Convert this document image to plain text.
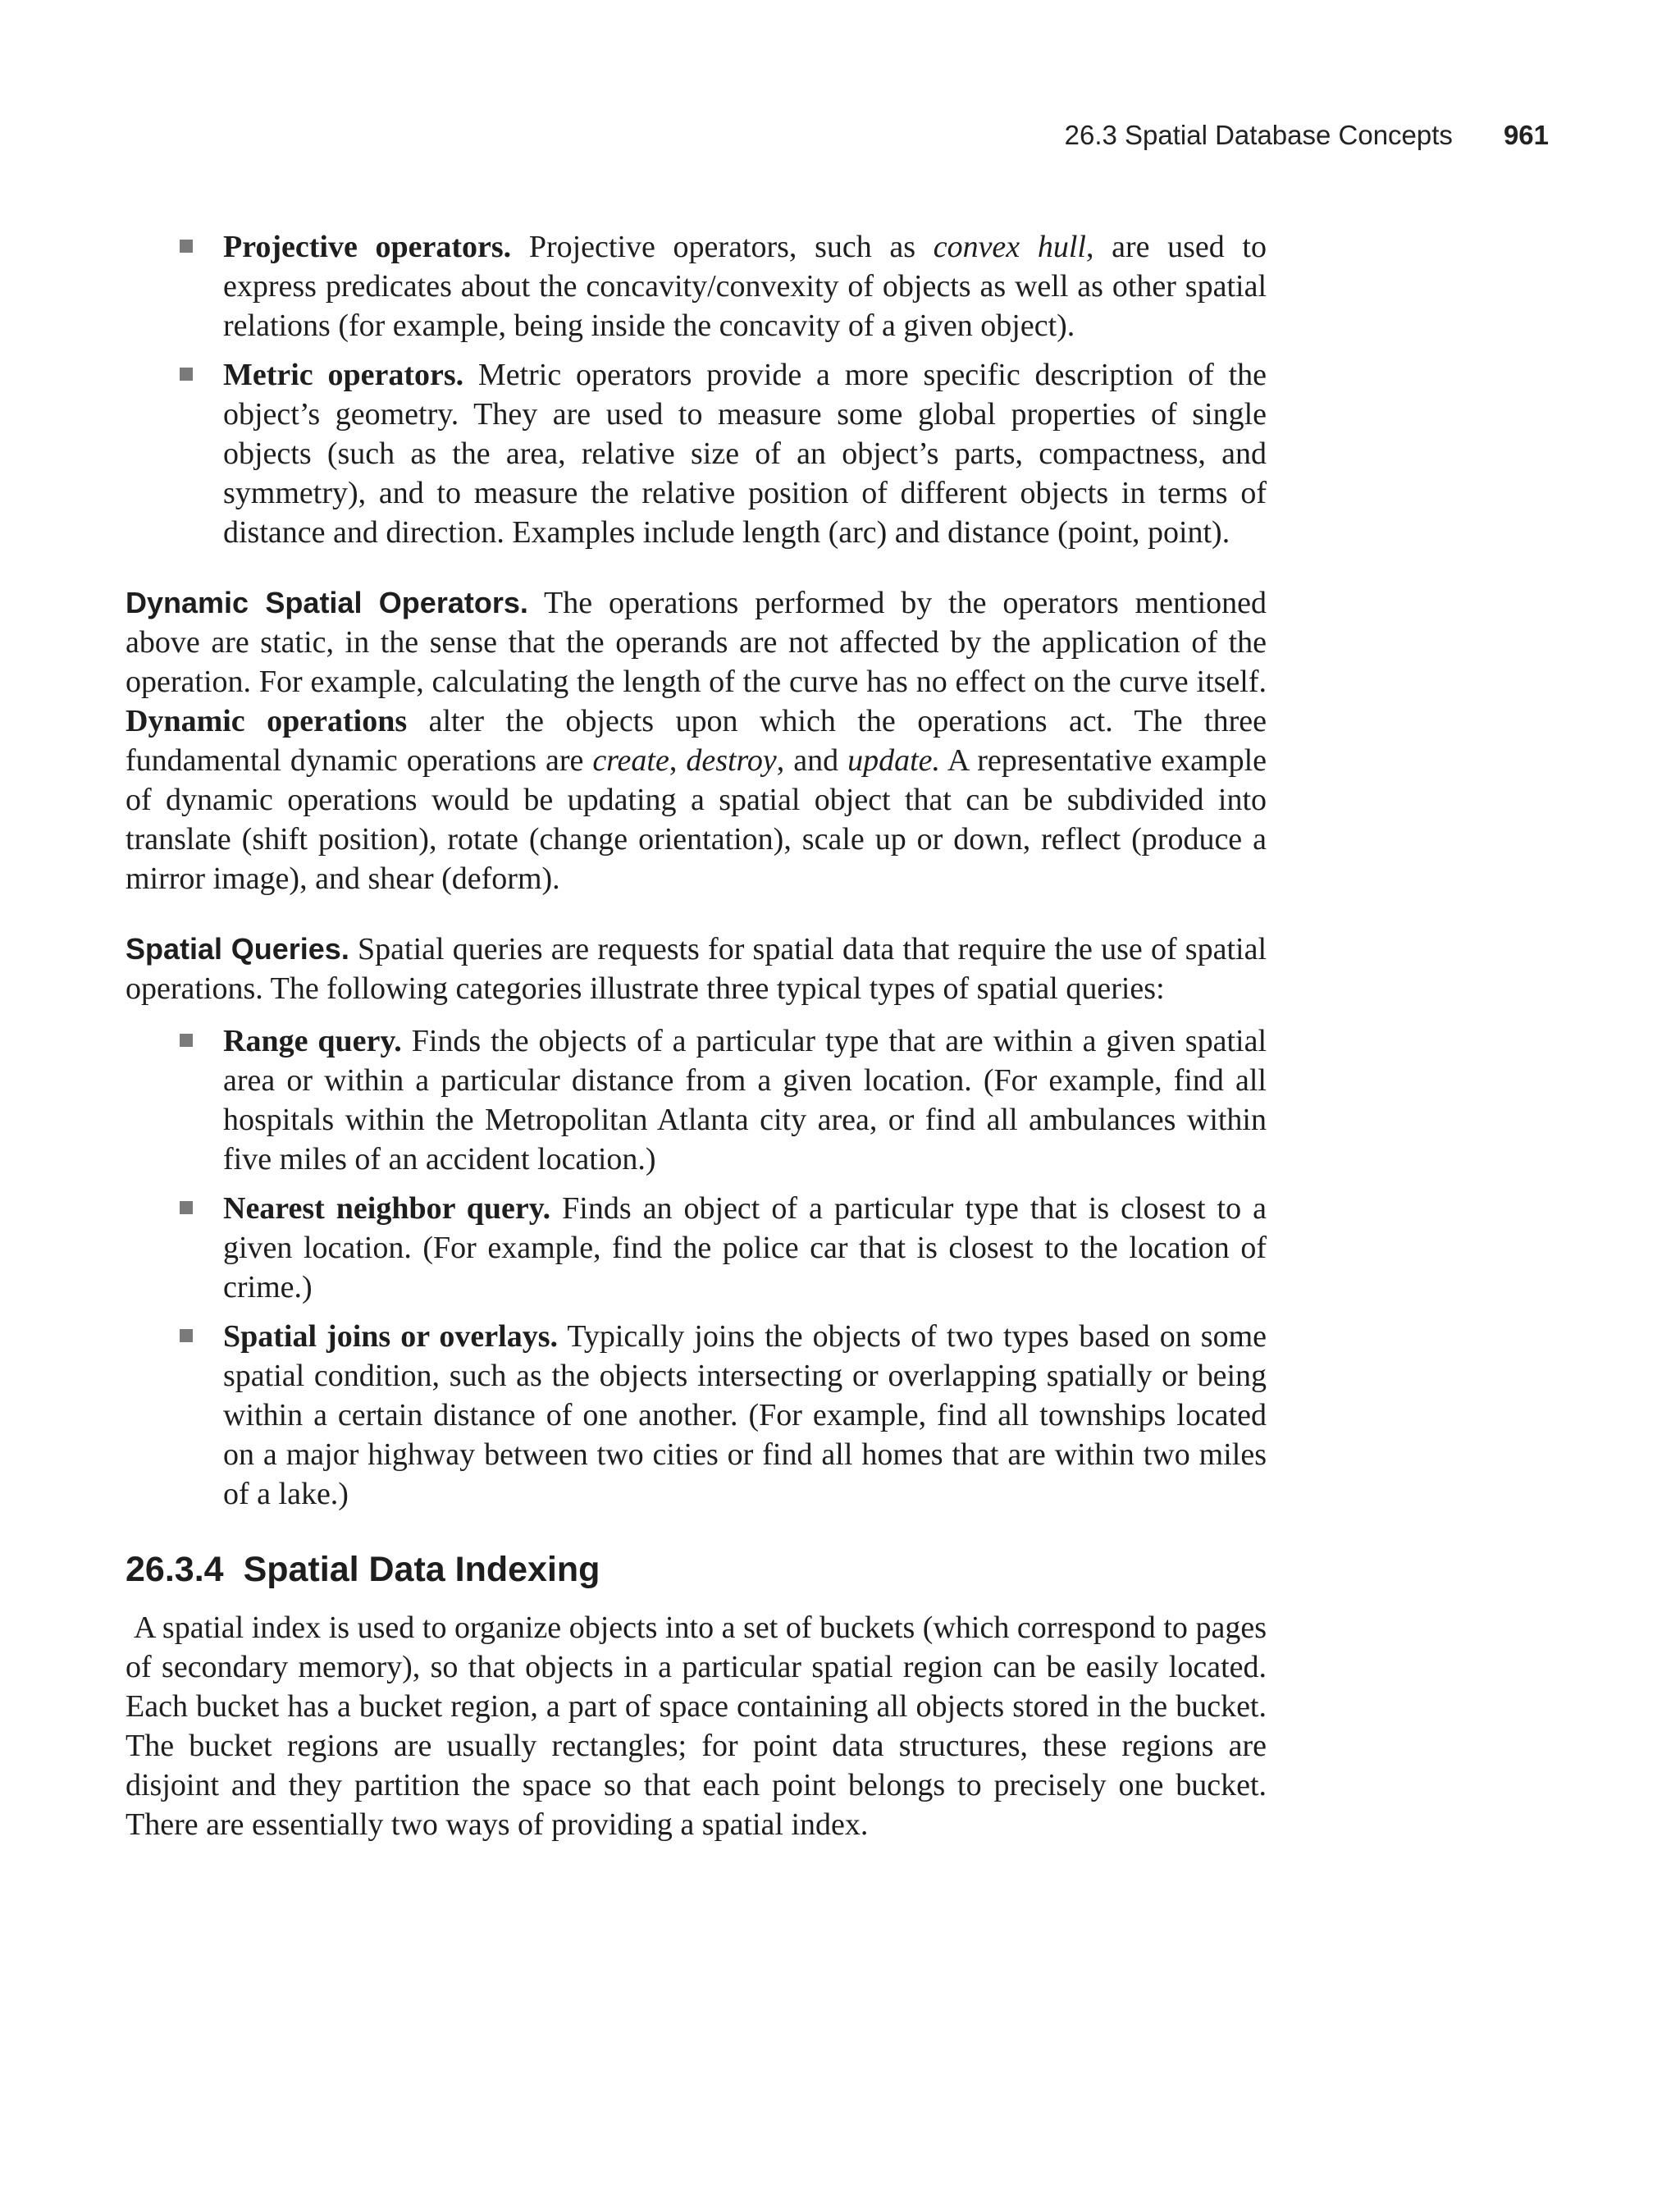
26.3 Spatial Database Concepts 961

Projective operators. Projective operators, such as convex hull, are used to express predicates about the concavity/convexity of objects as well as other spatial relations (for example, being inside the concavity of a given object).

Metric operators. Metric operators provide a more specific description of the object’s geometry. They are used to measure some global properties of single objects (such as the area, relative size of an object’s parts, compactness, and symmetry), and to measure the relative position of different objects in terms of distance and direction. Examples include length (arc) and distance (point, point).

Dynamic Spatial Operators. The operations performed by the operators mentioned above are static, in the sense that the operands are not affected by the application of the operation. For example, calculating the length of the curve has no effect on the curve itself. Dynamic operations alter the objects upon which the operations act. The three fundamental dynamic operations are create, destroy, and update. A representative example of dynamic operations would be updating a spatial object that can be subdivided into translate (shift position), rotate (change orientation), scale up or down, reflect (produce a mirror image), and shear (deform).

Spatial Queries. Spatial queries are requests for spatial data that require the use of spatial operations. The following categories illustrate three typical types of spatial queries:

Range query. Finds the objects of a particular type that are within a given spatial area or within a particular distance from a given location. (For example, find all hospitals within the Metropolitan Atlanta city area, or find all ambulances within five miles of an accident location.)

Nearest neighbor query. Finds an object of a particular type that is closest to a given location. (For example, find the police car that is closest to the location of crime.)

Spatial joins or overlays. Typically joins the objects of two types based on some spatial condition, such as the objects intersecting or overlapping spatially or being within a certain distance of one another. (For example, find all townships located on a major highway between two cities or find all homes that are within two miles of a lake.)

26.3.4 Spatial Data Indexing

A spatial index is used to organize objects into a set of buckets (which correspond to pages of secondary memory), so that objects in a particular spatial region can be easily located. Each bucket has a bucket region, a part of space containing all objects stored in the bucket. The bucket regions are usually rectangles; for point data structures, these regions are disjoint and they partition the space so that each point belongs to precisely one bucket. There are essentially two ways of providing a spatial index.
